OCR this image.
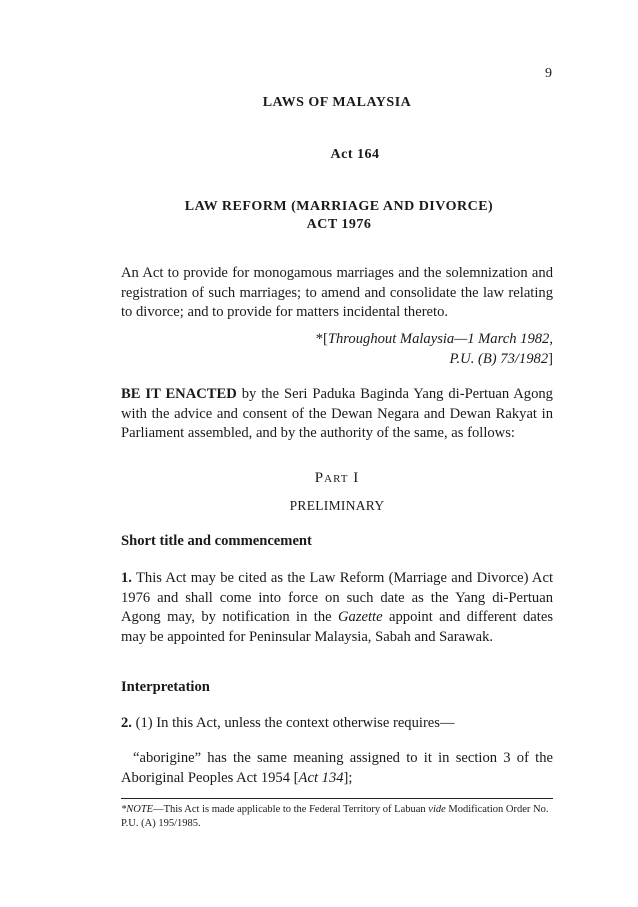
9
LAWS OF MALAYSIA
Act 164
LAW REFORM (MARRIAGE AND DIVORCE)
ACT 1976
An Act to provide for monogamous marriages and the solemnization and registration of such marriages; to amend and consolidate the law relating to divorce; and to provide for matters incidental thereto.
*[Throughout Malaysia—1 March 1982,
P.U. (B) 73/1982]
BE IT ENACTED by the Seri Paduka Baginda Yang di-Pertuan Agong with the advice and consent of the Dewan Negara and Dewan Rakyat in Parliament assembled, and by the authority of the same, as follows:
Part I
PRELIMINARY
Short title and commencement
1. This Act may be cited as the Law Reform (Marriage and Divorce) Act 1976 and shall come into force on such date as the Yang di-Pertuan Agong may, by notification in the Gazette appoint and different dates may be appointed for Peninsular Malaysia, Sabah and Sarawak.
Interpretation
2. (1) In this Act, unless the context otherwise requires—
“aborigine” has the same meaning assigned to it in section 3 of the Aboriginal Peoples Act 1954 [Act 134];
*NOTE—This Act is made applicable to the Federal Territory of Labuan vide Modification Order No. P.U. (A) 195/1985.
